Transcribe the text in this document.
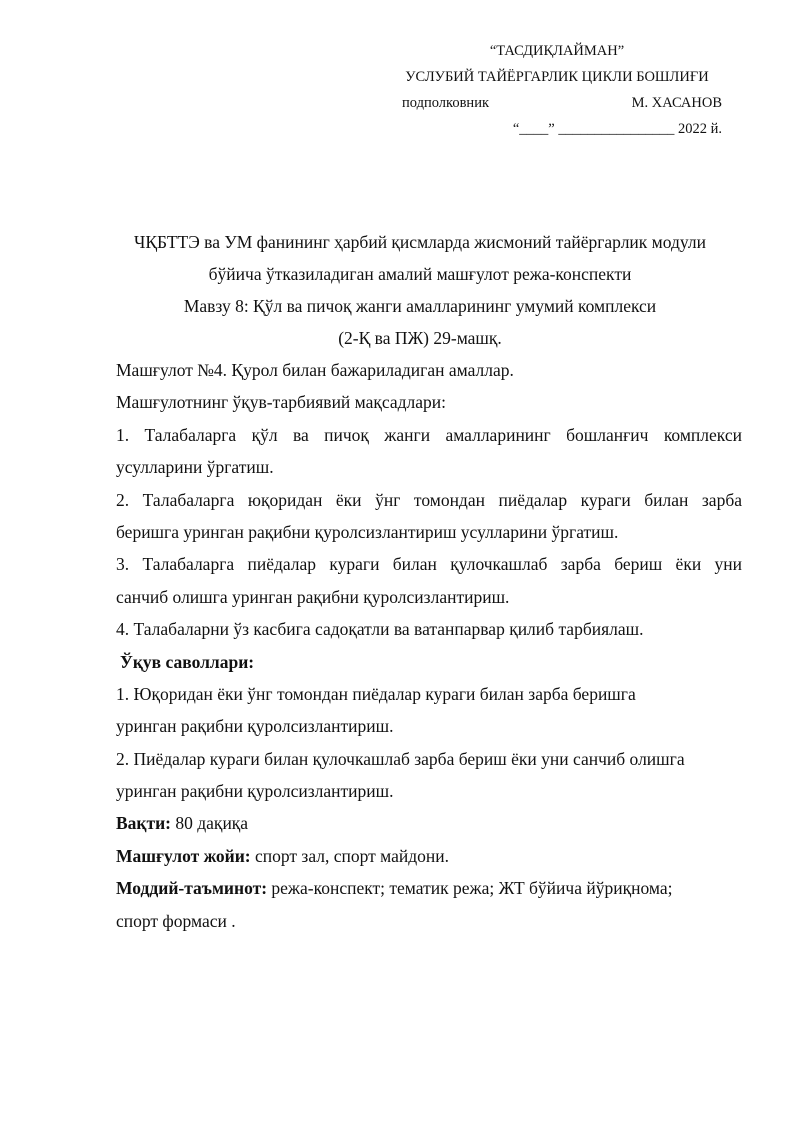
“ТАСДИҚЛАЙМАН”
УСЛУБИЙ ТАЙЁРГАРЛИК ЦИКЛИ БОШЛИҒИ
подполковник	М. ХАСАНОВ
“____” ________________ 2022 й.
ЧҚБТТЭ ва УМ фанининг ҳарбий қисмларда жисмоний тайёргарлик модули
бўйича ўтказиладиган амалий машғулот режа-конспекти
Мавзу 8: Қўл ва пичоқ жанги амалларининг умумий комплекси
(2-Қ ва ПЖ) 29-машқ.
Машғулот №4. Қурол билан бажариладиган амаллар.
Машғулотнинг ўқув-тарбиявий мақсадлари:
1. Талабаларга қўл ва пичоқ жанги амалларининг бошланғич комплекси
усулларини ўргатиш.
2. Талабаларга юқоридан ёки ўнг томондан пиёдалар кураги билан зарба
беришга уринган рақибни қуролсизлантириш усулларини ўргатиш.
3. Талабаларга пиёдалар кураги билан қулочкашлаб зарба бериш ёки уни
санчиб олишга уринган рақибни қуролсизлантириш.
4. Талабаларни ўз касбига садоқатли ва ватанпарвар қилиб тарбиялаш.
Ўқув саволлари:
1. Юқоридан ёки ўнг томондан пиёдалар кураги билан зарба беришга
уринган рақибни қуролсизлантириш.
2. Пиёдалар кураги билан қулочкашлаб зарба бериш ёки уни санчиб олишга
уринган рақибни қуролсизлантириш.
Вақти: 80 дақиқа
Машғулот жойи: спорт зал, спорт майдони.
Моддий-таъминот: режа-конспект; тематик режа; ЖТ бўйича йўриқнома;
спорт формаси .
